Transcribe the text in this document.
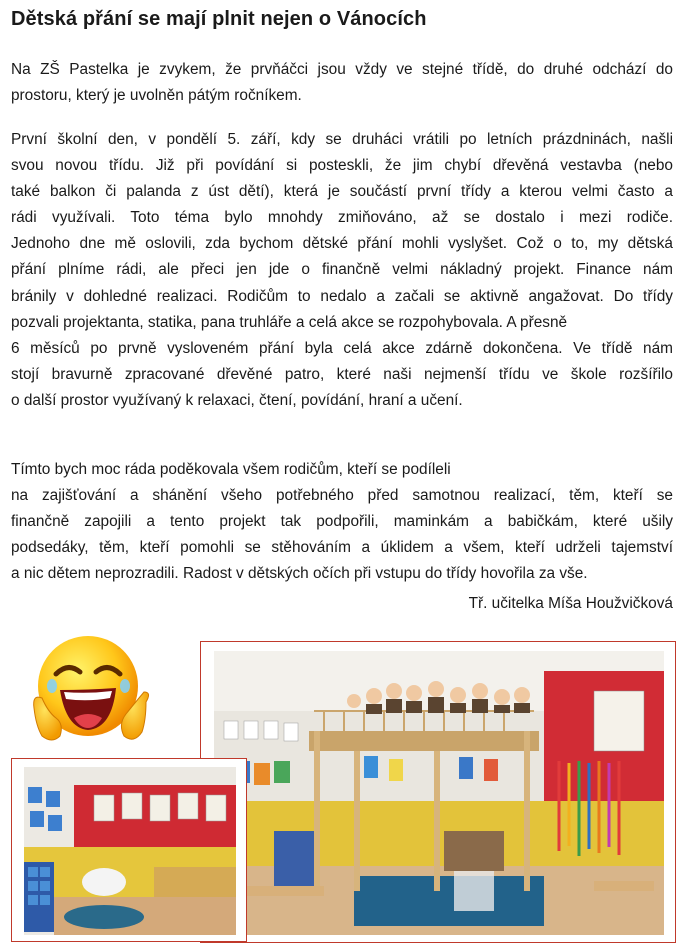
Dětská přání se mají plnit nejen o Vánocích

Na ZŠ Pastelka je zvykem, že prvňáčci jsou vždy ve stejné třídě, do druhé odchází do
prostoru, který je uvolněn pátým ročníkem.

První školní den, v pondělí 5. září, kdy se druháci vrátili po letních prázdninách, našli
svou novou třídu. Již při povídání si posteskli, že jim chybí dřevěná vestavba (nebo
také balkon či palanda z úst dětí), která je součástí první třídy a kterou velmi často a
rádi využívali. Toto téma bylo mnohdy zmiňováno, až se dostalo i mezi rodiče.
Jednoho dne mě oslovili, zda bychom dětské přání mohli vyslyšet. Což o to, my dětská
přání plníme rádi, ale přeci jen jde o finančně velmi nákladný projekt. Finance nám
bránily v dohledné realizaci. Rodičům to nedalo a začali se aktivně angažovat. Do třídy
pozvali projektanta, statika, pana truhláře a celá akce se rozpohybovala. A přesně
6 měsíců po prvně vysloveném přání byla celá akce zdárně dokončena. Ve třídě nám
stojí bravurně zpracované dřevěné patro, které naši nejmenší třídu ve škole rozšířilo
o další prostor využívaný k relaxaci, čtení, povídání, hraní a učení.

Tímto bych moc ráda poděkovala všem rodičům, kteří se podíleli
na zajišťování a shánění všeho potřebného před samotnou realizací, těm, kteří se
finančně zapojili a tento projekt tak podpořili, maminkám a babičkám, které ušily
podsedáky, těm, kteří pomohli se stěhováním a úklidem a všem, kteří udrželi tajemství
a nic dětem neprozradili. Radost v dětských očích při vstupu do třídy hovořila za vše.

Tř. učitelka Míša Houžvičková
